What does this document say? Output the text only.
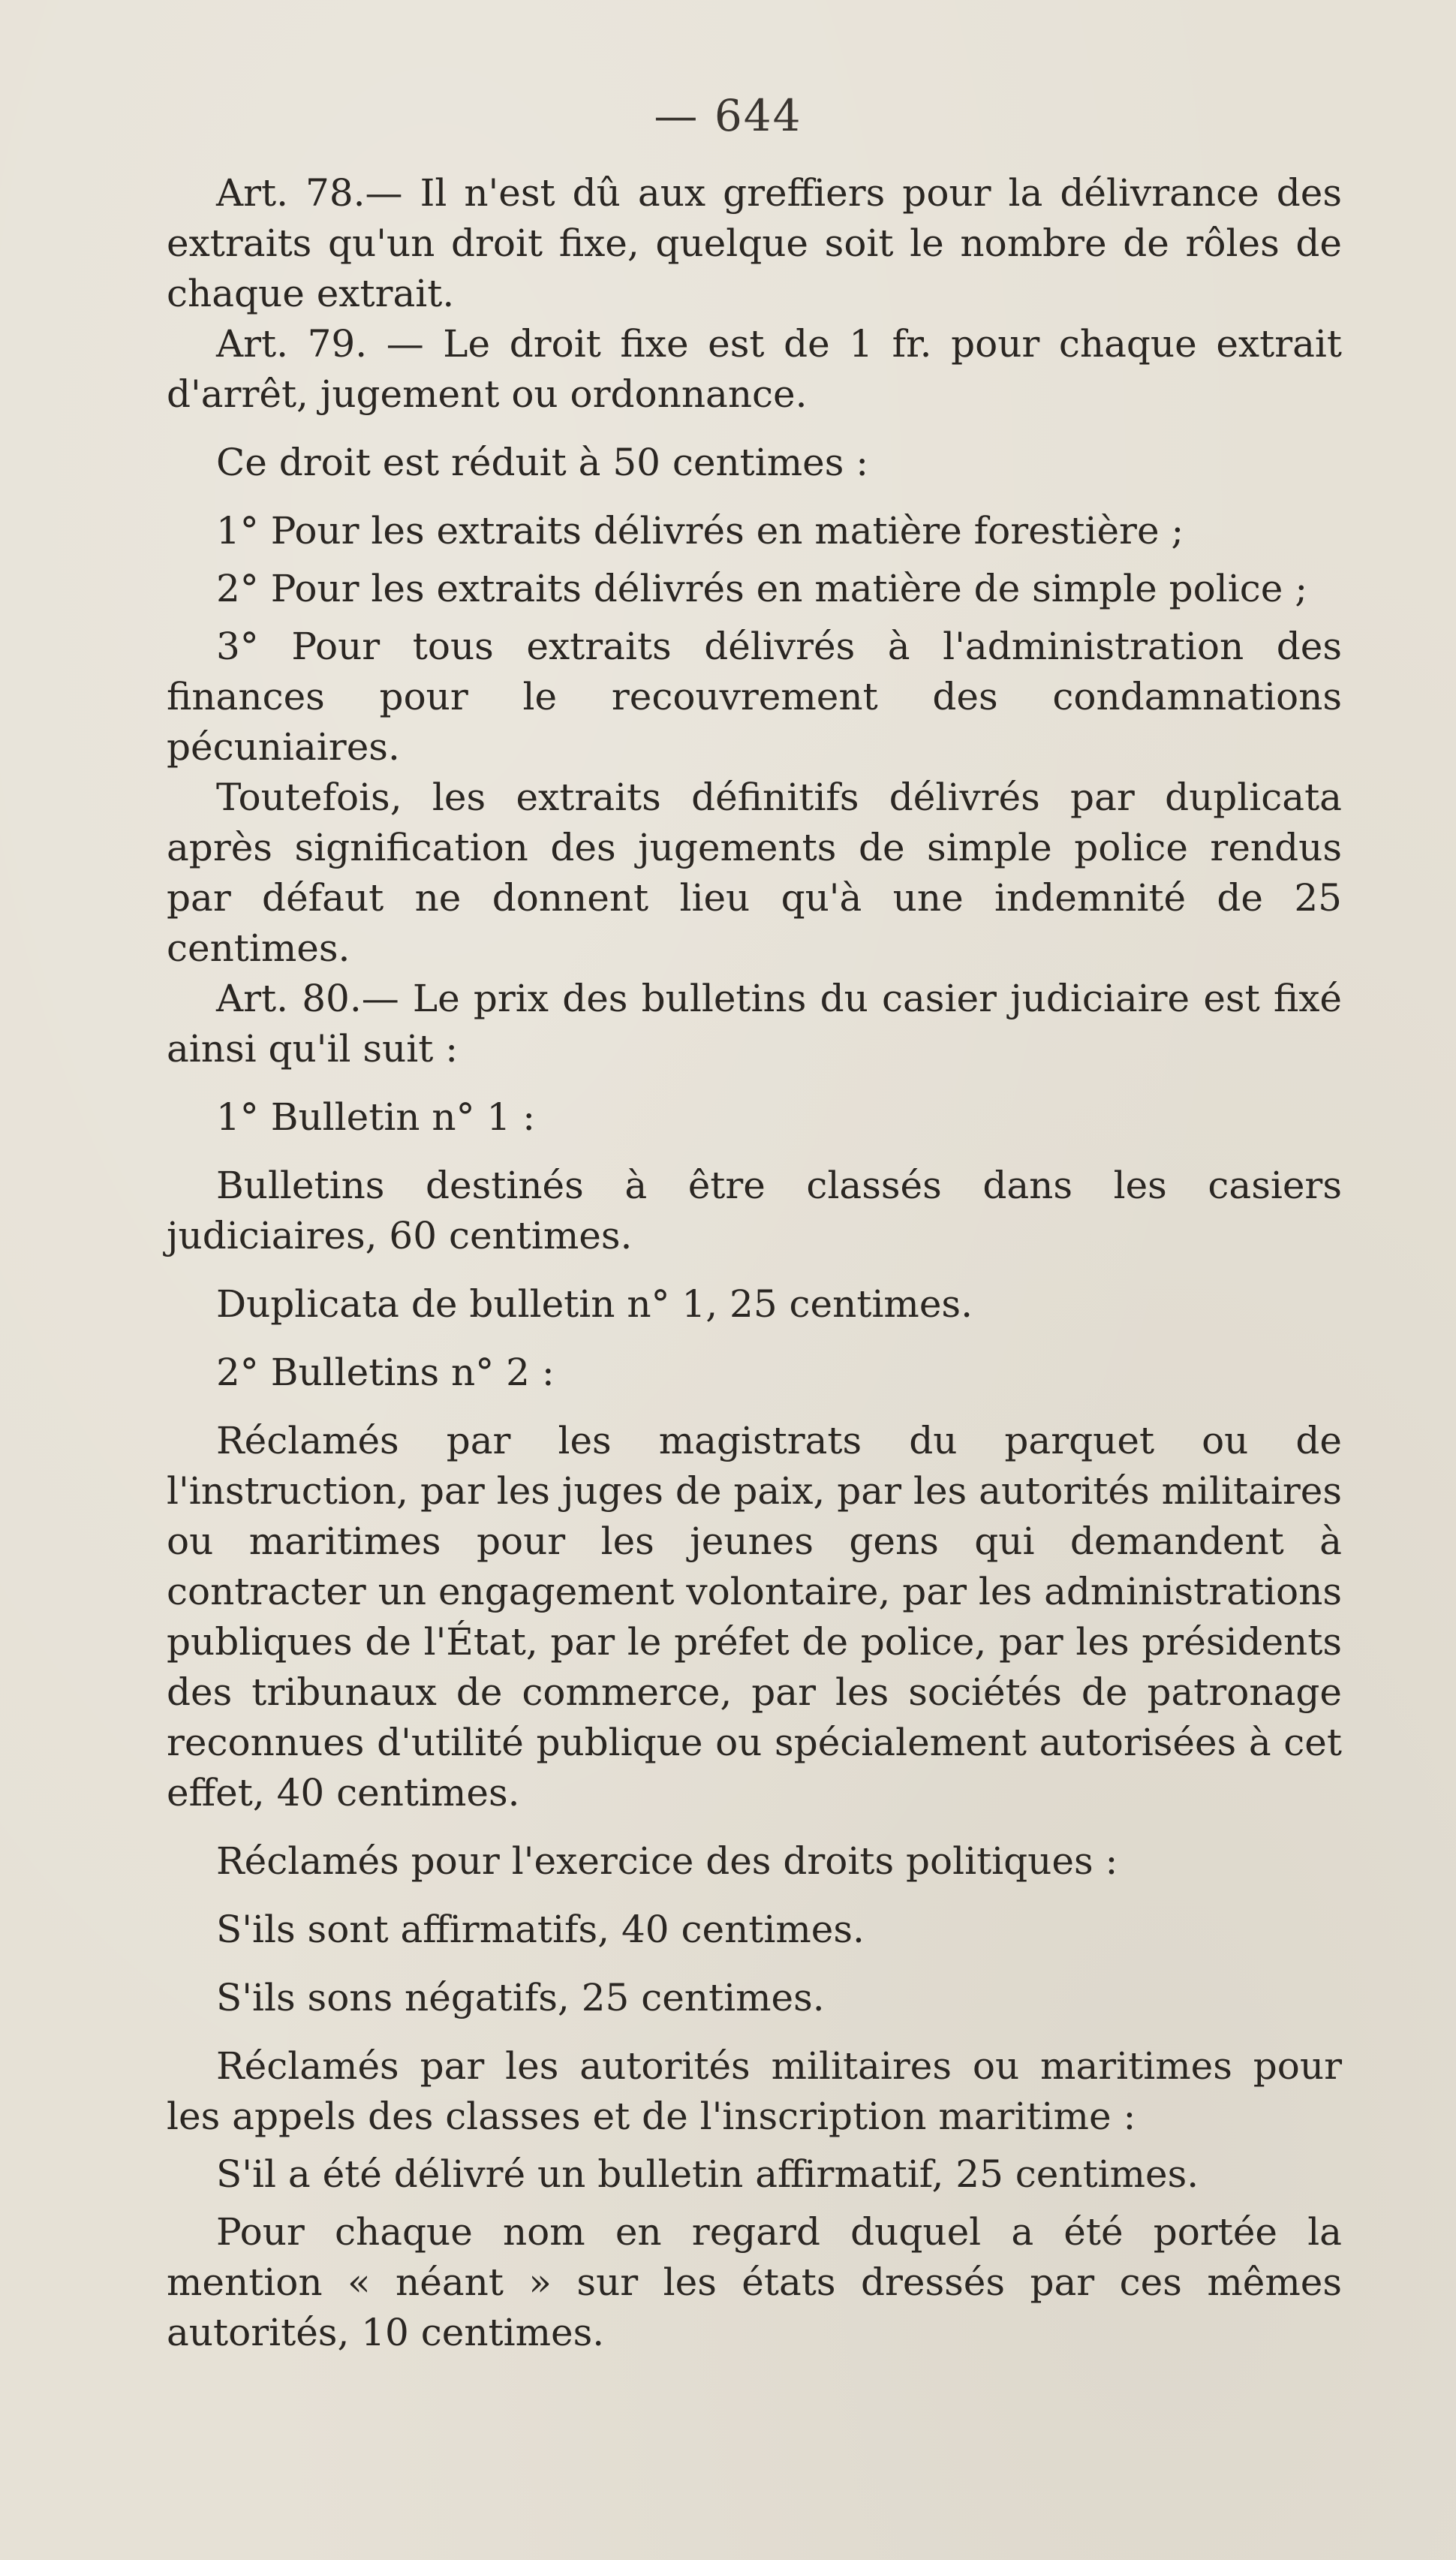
— 644

Art. 78.— Il n'est dû aux greffiers pour la délivrance des extraits qu'un droit fixe, quelque soit le nombre de rôles de chaque extrait.

Art. 79. — Le droit fixe est de 1 fr. pour chaque extrait d'arrêt, jugement ou ordonnance.

Ce droit est réduit à 50 centimes :

1° Pour les extraits délivrés en matière forestière ;

2° Pour les extraits délivrés en matière de simple police ;

3° Pour tous extraits délivrés à l'administration des finances pour le recouvrement des condamnations pécuniaires.

Toutefois, les extraits définitifs délivrés par duplicata après signification des jugements de simple police rendus par défaut ne donnent lieu qu'à une indemnité de 25 centimes.

Art. 80.— Le prix des bulletins du casier judiciaire est fixé ainsi qu'il suit :

1° Bulletin n° 1 :

Bulletins destinés à être classés dans les casiers judiciaires, 60 centimes.

Duplicata de bulletin n° 1, 25 centimes.

2° Bulletins n° 2 :

Réclamés par les magistrats du parquet ou de l'instruction, par les juges de paix, par les autorités militaires ou maritimes pour les jeunes gens qui demandent à contracter un engagement volontaire, par les administrations publiques de l'État, par le préfet de police, par les présidents des tribunaux de commerce, par les sociétés de patronage reconnues d'utilité publique ou spécialement autorisées à cet effet, 40 centimes.

Réclamés pour l'exercice des droits politiques :

S'ils sont affirmatifs, 40 centimes.

S'ils sons négatifs, 25 centimes.

Réclamés par les autorités militaires ou maritimes pour les appels des classes et de l'inscription maritime :

S'il a été délivré un bulletin affirmatif, 25 centimes.

Pour chaque nom en regard duquel a été portée la mention « néant » sur les états dressés par ces mêmes autorités, 10 centimes.
